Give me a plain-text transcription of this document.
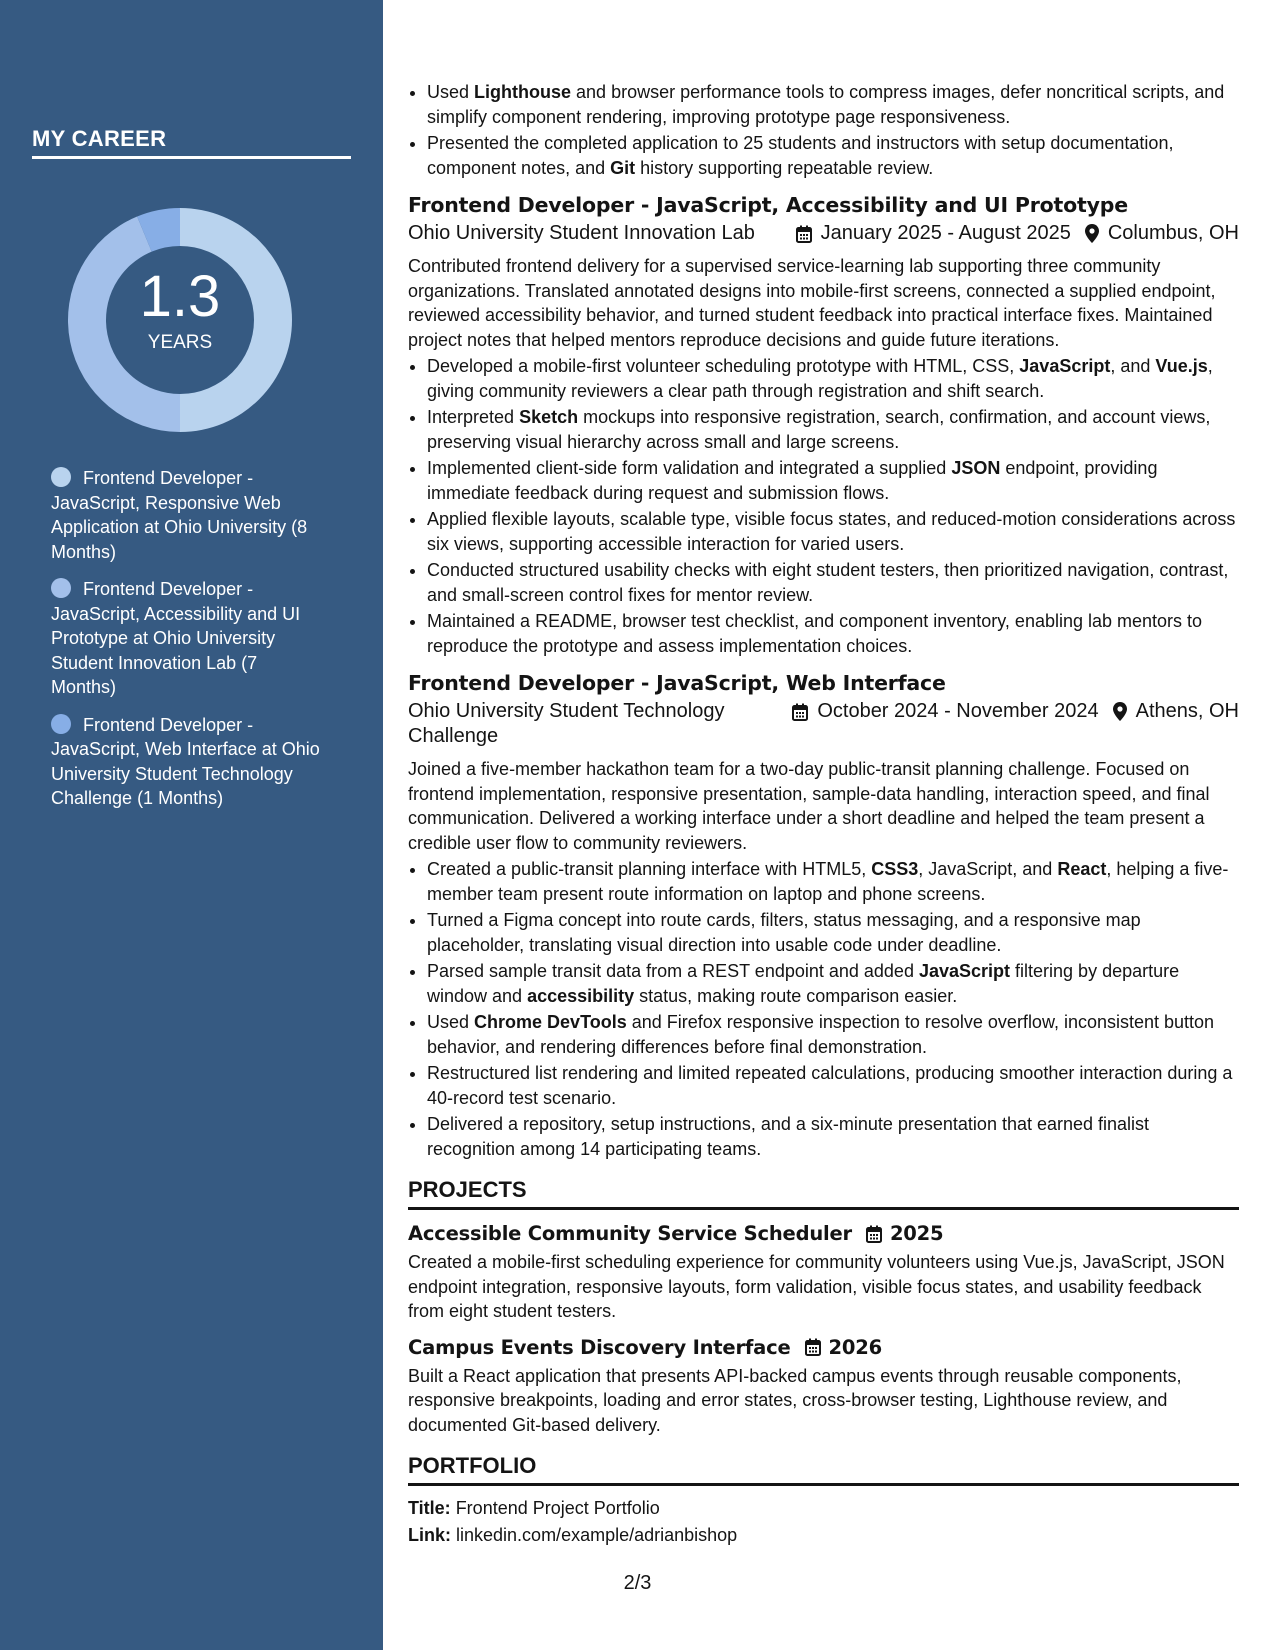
MY CAREER
1.3
YEARS
Frontend Developer - JavaScript, Responsive Web Application at Ohio University (8 Months)
Frontend Developer - JavaScript, Accessibility and UI Prototype at Ohio University Student Innovation Lab (7 Months)
Frontend Developer - JavaScript, Web Interface at Ohio University Student Technology Challenge (1 Months)
• Used Lighthouse and browser performance tools to compress images, defer noncritical scripts, and simplify component rendering, improving prototype page responsiveness.
• Presented the completed application to 25 students and instructors with setup documentation, component notes, and Git history supporting repeatable review.
Frontend Developer - JavaScript, Accessibility and UI Prototype
Ohio University Student Innovation Lab	January 2025 - August 2025 Columbus, OH

Contributed frontend delivery for a supervised service-learning lab supporting three community organizations. Translated annotated designs into mobile-first screens, connected a supplied endpoint, reviewed accessibility behavior, and turned student feedback into practical interface fixes. Maintained project notes that helped mentors reproduce decisions and guide future iterations.

• Developed a mobile-first volunteer scheduling prototype with HTML, CSS, JavaScript, and Vue.js, giving community reviewers a clear path through registration and shift search.
• Interpreted Sketch mockups into responsive registration, search, confirmation, and account views, preserving visual hierarchy across small and large screens.
• Implemented client-side form validation and integrated a supplied JSON endpoint, providing immediate feedback during request and submission flows.
• Applied flexible layouts, scalable type, visible focus states, and reduced-motion considerations across six views, supporting accessible interaction for varied users.
• Conducted structured usability checks with eight student testers, then prioritized navigation, contrast, and small-screen control fixes for mentor review.
• Maintained a README, browser test checklist, and component inventory, enabling lab mentors to reproduce the prototype and assess implementation choices.
Frontend Developer - JavaScript, Web Interface
Ohio University Student Technology Challenge
October 2024 - November 2024 Athens, OH

Joined a five-member hackathon team for a two-day public-transit planning challenge. Focused on frontend implementation, responsive presentation, sample-data handling, interaction speed, and final communication. Delivered a working interface under a short deadline and helped the team present a credible user flow to community reviewers.

• Created a public-transit planning interface with HTML5, CSS3, JavaScript, and React, helping a five-member team present route information on laptop and phone screens.
• Turned a Figma concept into route cards, filters, status messaging, and a responsive map placeholder, translating visual direction into usable code under deadline.
• Parsed sample transit data from a REST endpoint and added JavaScript filtering by departure window and accessibility status, making route comparison easier.
• Used Chrome DevTools and Firefox responsive inspection to resolve overflow, inconsistent button behavior, and rendering differences before final demonstration.
• Restructured list rendering and limited repeated calculations, producing smoother interaction during a 40-record test scenario.
• Delivered a repository, setup instructions, and a six-minute presentation that earned finalist recognition among 14 participating teams.
PROJECTS
Accessible Community Service Scheduler 2025

Created a mobile-first scheduling experience for community volunteers using Vue.js, JavaScript, JSON endpoint integration, responsive layouts, form validation, visible focus states, and usability feedback from eight student testers.

Campus Events Discovery Interface 2026

Built a React application that presents API-backed campus events through reusable components, responsive breakpoints, loading and error states, cross-browser testing, Lighthouse review, and documented Git-based delivery.

PORTFOLIO
Title: Frontend Project Portfolio
Link: linkedin.com/example/adrianbishop
2/3
